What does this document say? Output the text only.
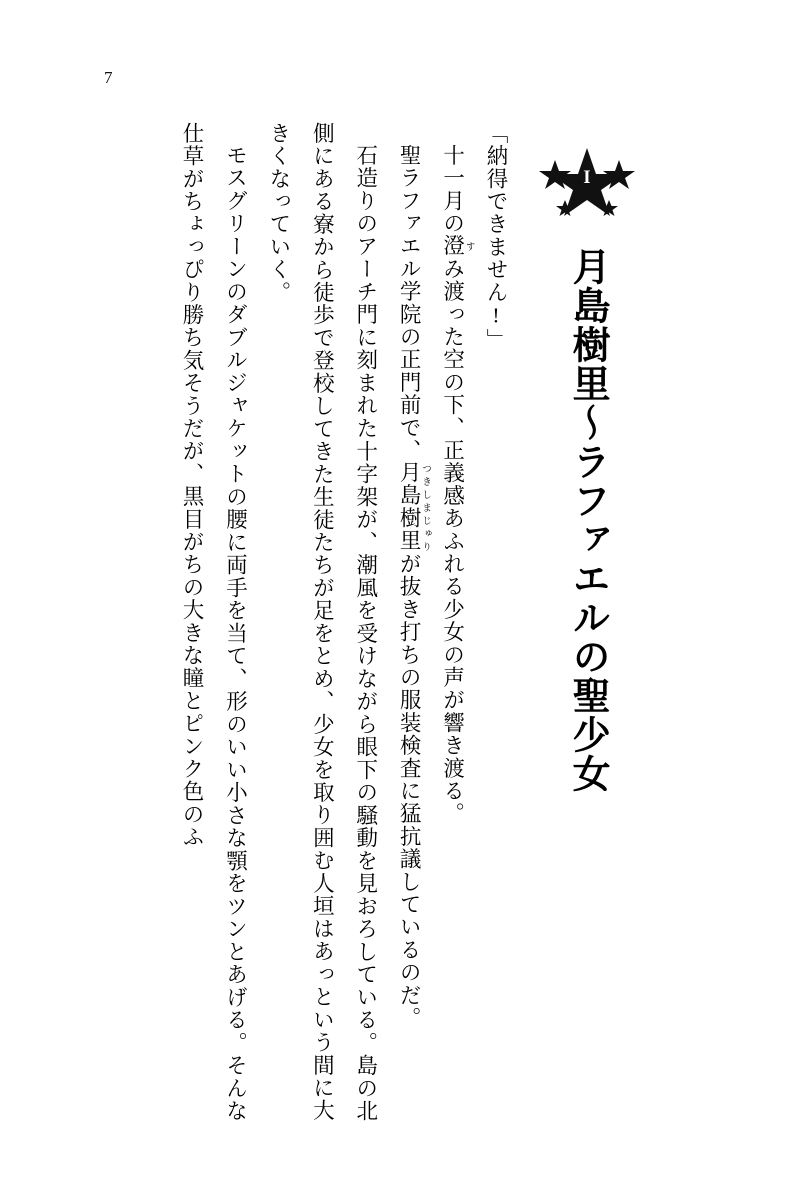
7
I
月島樹里～ラファエルの聖少女

「納得できません!」

十一月の澄 すみ渡った空の下、正義感あふれる少女の声が響き渡る。

聖ラファエル学院の正門前で、月島樹里 つきしまじゅりが抜き打ちの服装検査に猛抗議しているのだ。

石造りのアーチ門に刻まれた十字架が、潮風を受けながら眼下の騒動を見おろしている。島の北側にある寮から徒歩で登校してきた生徒たちが足をとめ、少女を取り囲む人垣はあっという間に大きくなっていく。

モスグリーンのダブルジャケットの腰に両手を当て、形のいい小さな顎をツンとあげる。そんな仕草がちょっぴり勝ち気そうだが、黒目がちの大きな瞳とピンク色のふ
